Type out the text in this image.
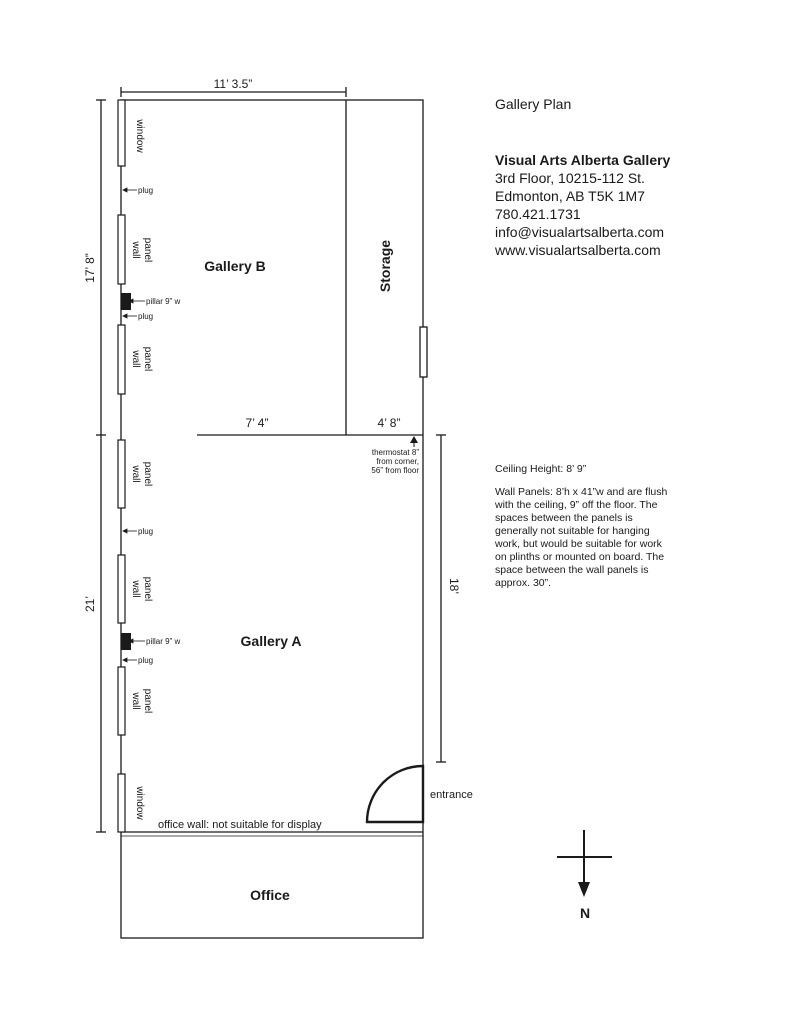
Gallery B
Gallery A
Storage
Office
11’ 3.5”
17’ 8”
21’
7’ 4”	4’ 8”
18’
window
wall panel
wall panel
wall panel
wall panel
wall panel
window
plug
pillar 9” w
plug
plug
pillar 9” w
plug
thermostat 8”
from corner,
56” from floor
office wall: not suitable for display
entrance
N
Gallery Plan
Visual Arts Alberta Gallery
3rd Floor, 10215-112 St.
Edmonton, AB T5K 1M7
780.421.1731
info@visualartsalberta.com
www.visualartsalberta.com

Ceiling Height: 8’ 9”

Wall Panels: 8’h x 41”w and are flush with the ceiling, 9” off the floor. The spaces between the panels is generally not suitable for hanging work, but would be suitable for work on plinths or mounted on board. The space between the wall panels is approx. 30”.
